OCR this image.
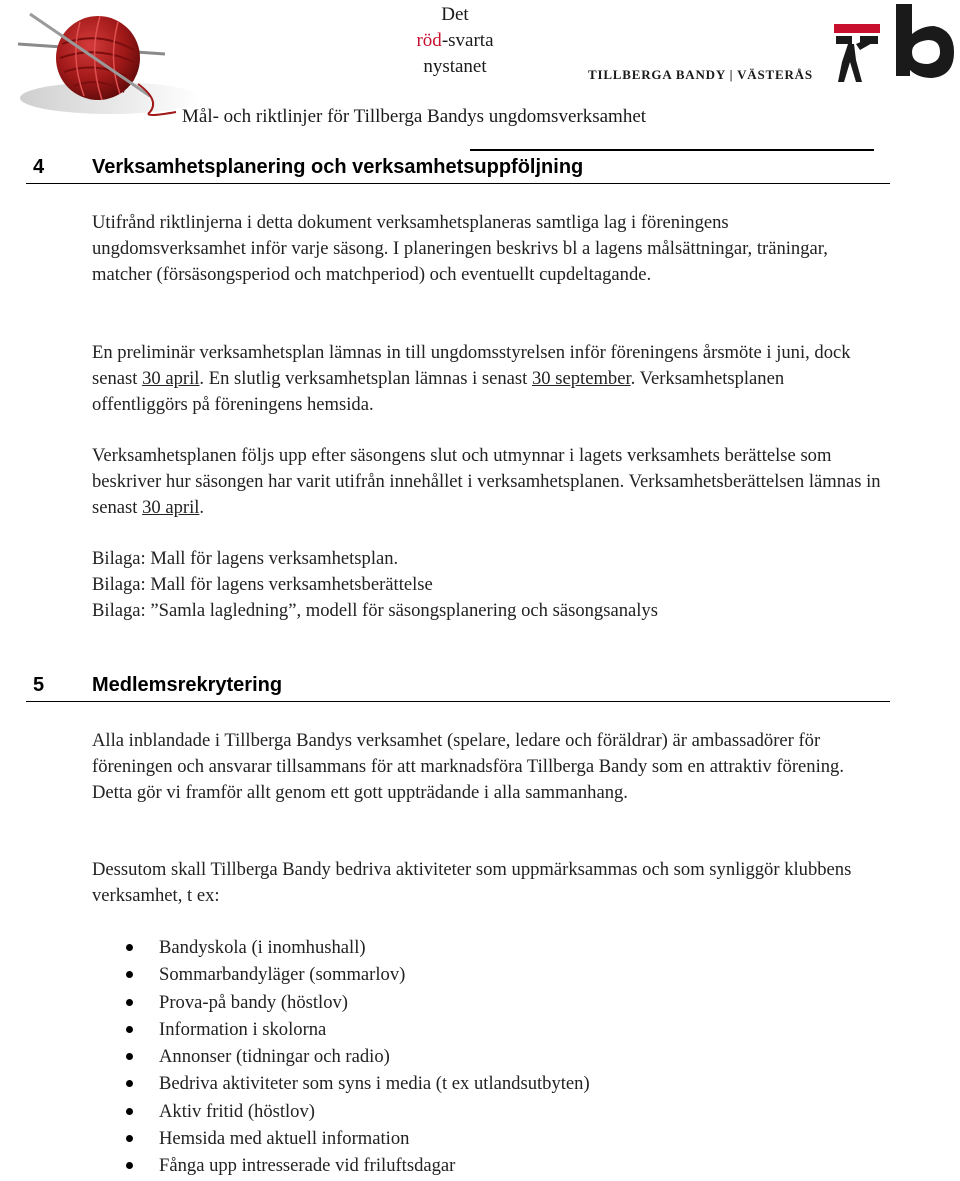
Det
röd-svarta
nystanet	TILLBERGA BANDY | VÄSTERÅS
Mål- och riktlinjer för Tillberga Bandys ungdomsverksamhet
4 Verksamhetsplanering och verksamhetsuppföljning

Utifrånd riktlinjerna i detta dokument verksamhetsplaneras samtliga lag i föreningens ungdomsverksamhet inför varje säsong. I planeringen beskrivs bl a lagens målsättningar, träningar, matcher (försäsongsperiod och matchperiod) och eventuellt cupdeltagande.

En preliminär verksamhetsplan lämnas in till ungdomsstyrelsen inför föreningens årsmöte i juni, dock senast 30 april. En slutlig verksamhetsplan lämnas i senast 30 september. Verksamhetsplanen offentliggörs på föreningens hemsida.

Verksamhetsplanen följs upp efter säsongens slut och utmynnar i lagets verksamhets berättelse som beskriver hur säsongen har varit utifrån innehållet i verksamhetsplanen. Verksamhetsberättelsen lämnas in senast 30 april.

Bilaga: Mall för lagens verksamhetsplan.
Bilaga: Mall för lagens verksamhetsberättelse
Bilaga: ”Samla lagledning”, modell för säsongsplanering och säsongsanalys
5 Medlemsrekrytering

Alla inblandade i Tillberga Bandys verksamhet (spelare, ledare och föräldrar) är ambassadörer för föreningen och ansvarar tillsammans för att marknadsföra Tillberga Bandy som en attraktiv förening. Detta gör vi framför allt genom ett gott uppträdande i alla sammanhang.

Dessutom skall Tillberga Bandy bedriva aktiviteter som uppmärksammas och som synliggör klubbens verksamhet, t ex:

Bandyskola (i inomhushall)
Sommarbandyläger (sommarlov)
Prova-på bandy (höstlov)
Information i skolorna
Annonser (tidningar och radio)
Bedriva aktiviteter som syns i media (t ex utlandsutbyten)
Aktiv fritid (höstlov)
Hemsida med aktuell information
Fånga upp intresserade vid friluftsdagar
